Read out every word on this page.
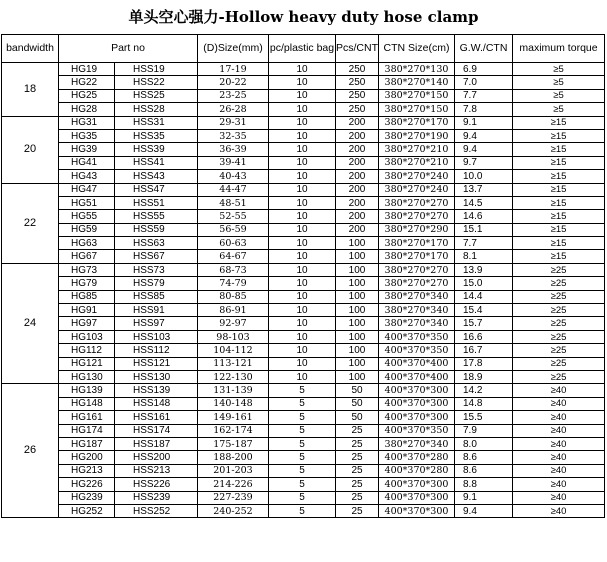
单头空心强力-Hollow heavy duty hose clamp
bandwidth	Part no		(D)Size(mm)	pc/plastic bag	Pcs/CNT	CTN Size(cm)	G.W./CTN	maximum torque
18	HG19	HSS19	17-19	10	250	380*270*130	6.9	≥5
	HG22	HSS22	20-22	10	250	380*270*140	7.0	≥5
	HG25	HSS25	23-25	10	250	380*270*150	7.7	≥5
	HG28	HSS28	26-28	10	250	380*270*150	7.8	≥5
20	HG31	HSS31	29-31	10	200	380*270*170	9.1	≥15
	HG35	HSS35	32-35	10	200	380*270*190	9.4	≥15
	HG39	HSS39	36-39	10	200	380*270*210	9.4	≥15
	HG41	HSS41	39-41	10	200	380*270*210	9.7	≥15
	HG43	HSS43	40-43	10	200	380*270*240	10.0	≥15
22	HG47	HSS47	44-47	10	200	380*270*240	13.7	≥15
	HG51	HSS51	48-51	10	200	380*270*270	14.5	≥15
	HG55	HSS55	52-55	10	200	380*270*270	14.6	≥15
	HG59	HSS59	56-59	10	200	380*270*290	15.1	≥15
	HG63	HSS63	60-63	10	100	380*270*170	7.7	≥15
	HG67	HSS67	64-67	10	100	380*270*170	8.1	≥15
24	HG73	HSS73	68-73	10	100	380*270*270	13.9	≥25
	HG79	HSS79	74-79	10	100	380*270*270	15.0	≥25
	HG85	HSS85	80-85	10	100	380*270*340	14.4	≥25
	HG91	HSS91	86-91	10	100	380*270*340	15.4	≥25
	HG97	HSS97	92-97	10	100	380*270*340	15.7	≥25
	HG103	HSS103	98-103	10	100	400*370*350	16.6	≥25
	HG112	HSS112	104-112	10	100	400*370*350	16.7	≥25
	HG121	HSS121	113-121	10	100	400*370*400	17.8	≥25
	HG130	HSS130	122-130	10	100	400*370*400	18.9	≥25
26	HG139	HSS139	131-139	5	50	400*370*300	14.2	≥40
	HG148	HSS148	140-148	5	50	400*370*300	14.8	≥40
	HG161	HSS161	149-161	5	50	400*370*300	15.5	≥40
	HG174	HSS174	162-174	5	25	400*370*350	7.9	≥40
	HG187	HSS187	175-187	5	25	380*270*340	8.0	≥40
	HG200	HSS200	188-200	5	25	400*370*280	8.6	≥40
	HG213	HSS213	201-203	5	25	400*370*280	8.6	≥40
	HG226	HSS226	214-226	5	25	400*370*300	8.8	≥40
	HG239	HSS239	227-239	5	25	400*370*300	9.1	≥40
	HG252	HSS252	240-252	5	25	400*370*300	9.4	≥40
